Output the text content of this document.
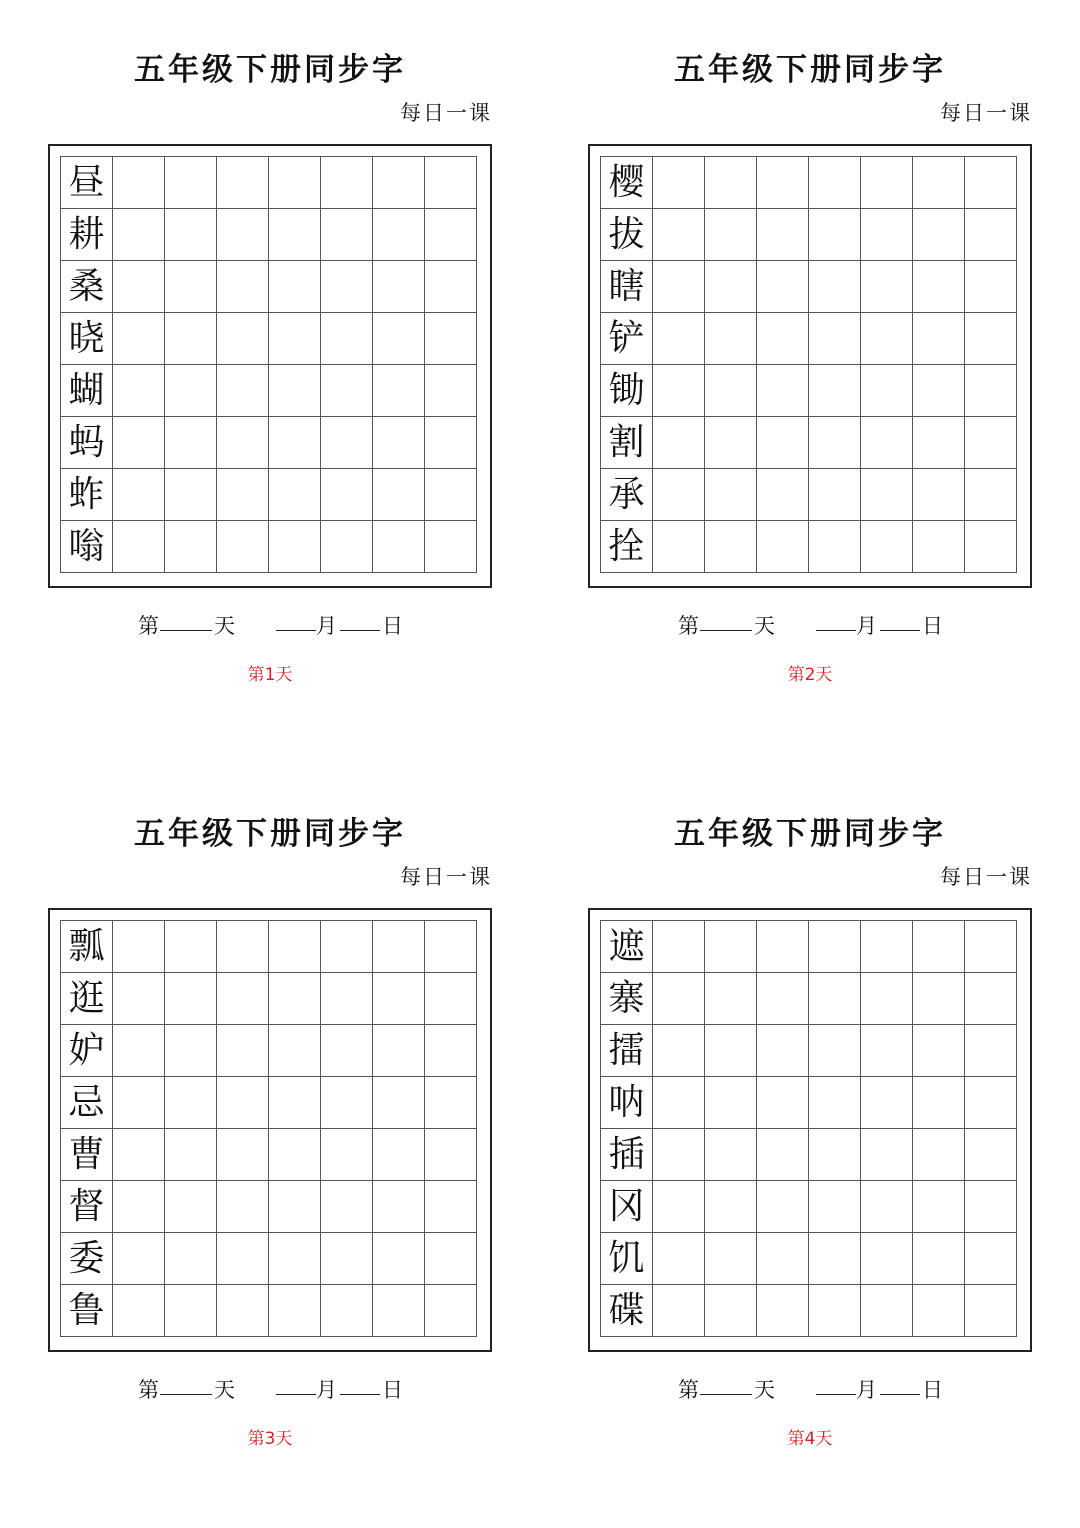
五年级下册同步字
每日一课
昼
耕
桑
晓
蝴
蚂
蚱
嗡
第	天	月 日
第1天
五年级下册同步字
每日一课
樱
拔
瞎
铲
锄
割
承
拴
第	天	月 日
第2天
五年级下册同步字
每日一课
瓢
逛
妒
忌
曹
督
委
鲁
第	天	月 日
第3天
五年级下册同步字
每日一课
遮
寨
擂
呐
插
冈
饥
碟
第	天	月 日
第4天
